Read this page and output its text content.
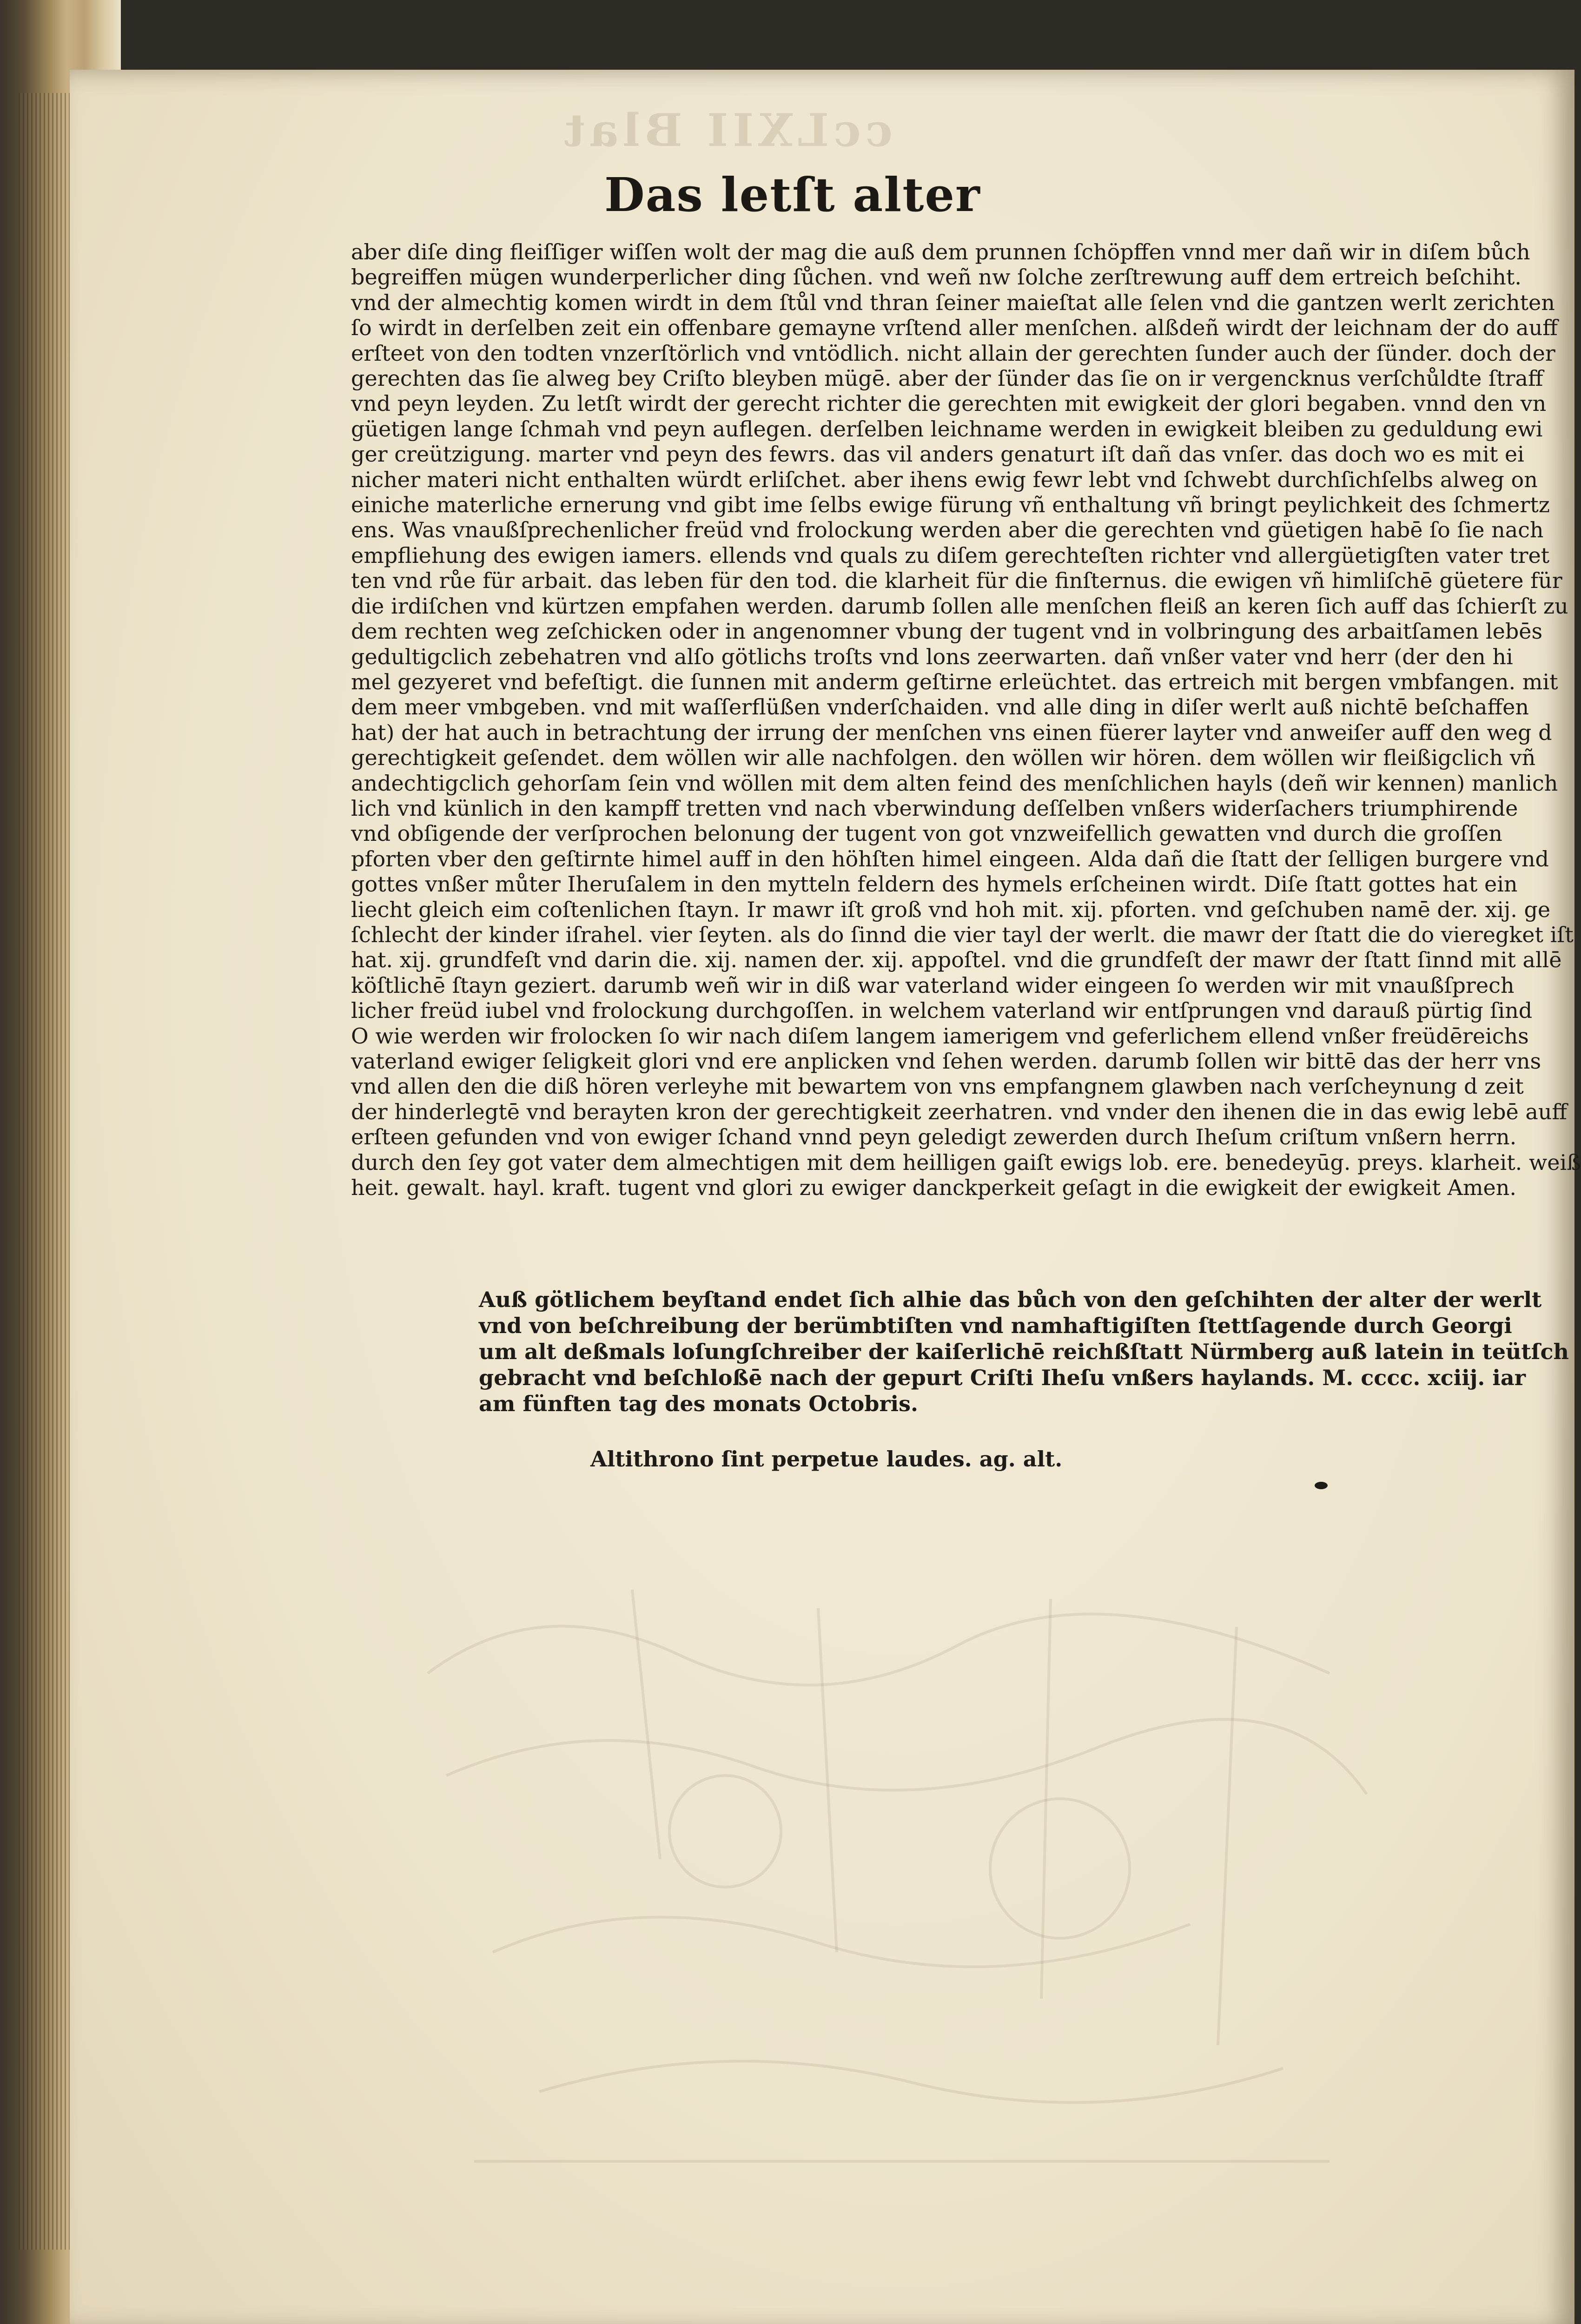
ccLXII Blat
Das letſt alter
aber diſe ding fleiſſiger wiſſen wolt der mag die auß dem prunnen ſchöpffen vnnd mer dañ wir in diſem bůch
begreiffen mügen wunderperlicher ding ſůchen. vnd weñ nw ſolche zerſtrewung auff dem ertreich beſchiht.
vnd der almechtig komen wirdt in dem ſtůl vnd thran ſeiner maieſtat alle ſelen vnd die gantzen werlt zerichten
ſo wirdt in derſelben zeit ein offenbare gemayne vrſtend aller menſchen. alßdeñ wirdt der leichnam der do auff
erſteet von den todten vnzerſtörlich vnd vntödlich. nicht allain der gerechten ſunder auch der ſünder. doch der
gerechten das ſie alweg bey Criſto bleyben mügē. aber der ſünder das ſie on ir vergencknus verſchůldte ſtraff
vnd peyn leyden. Zu letſt wirdt der gerecht richter die gerechten mit ewigkeit der glori begaben. vnnd den vn
güetigen lange ſchmah vnd peyn auflegen. derſelben leichname werden in ewigkeit bleiben zu geduldung ewi
ger creützigung. marter vnd peyn des fewrs. das vil anders genaturt iſt dañ das vnſer. das doch wo es mit ei
nicher materi nicht enthalten würdt erliſchet. aber ihens ewig fewr lebt vnd ſchwebt durchſichſelbs alweg on
einiche materliche ernerung vnd gibt ime ſelbs ewige fürung vñ enthaltung vñ bringt peylichkeit des ſchmertz
ens. Was vnaußſprechenlicher freüd vnd frolockung werden aber die gerechten vnd güetigen habē ſo ſie nach
empfliehung des ewigen iamers. ellends vnd quals zu diſem gerechteſten richter vnd allergüetigſten vater tret
ten vnd růe für arbait. das leben für den tod. die klarheit für die finſternus. die ewigen vñ himliſchē güetere für
die irdiſchen vnd kürtzen empfahen werden. darumb ſollen alle menſchen fleiß an keren ſich auff das ſchierſt zu
dem rechten weg zeſchicken oder in angenomner vbung der tugent vnd in volbringung des arbaitſamen lebēs
gedultigclich zebehatren vnd alſo götlichs troſts vnd lons zeerwarten. dañ vnßer vater vnd herr (der den hi
mel gezyeret vnd befeſtigt. die ſunnen mit anderm geſtirne erleüchtet. das ertreich mit bergen vmbfangen. mit
dem meer vmbgeben. vnd mit waſſerflüßen vnderſchaiden. vnd alle ding in diſer werlt auß nichtē beſchaffen
hat) der hat auch in betrachtung der irrung der menſchen vns einen füerer layter vnd anweiſer auff den weg d
gerechtigkeit geſendet. dem wöllen wir alle nachfolgen. den wöllen wir hören. dem wöllen wir fleißigclich vñ
andechtigclich gehorſam ſein vnd wöllen mit dem alten feind des menſchlichen hayls (deñ wir kennen) manlich
lich vnd künlich in den kampff tretten vnd nach vberwindung deſſelben vnßers widerſachers triumphirende
vnd obſigende der verſprochen belonung der tugent von got vnzweifellich gewatten vnd durch die groſſen
pforten vber den geſtirnte himel auff in den höhſten himel eingeen. Alda dañ die ſtatt der ſelligen burgere vnd
gottes vnßer můter Iheruſalem in den mytteln feldern des hymels erſcheinen wirdt. Diſe ſtatt gottes hat ein
liecht gleich eim coſtenlichen ſtayn. Ir mawr iſt groß vnd hoh mit. xij. pforten. vnd geſchuben namē der. xij. ge
ſchlecht der kinder iſrahel. vier ſeyten. als do ſinnd die vier tayl der werlt. die mawr der ſtatt die do vieregket iſt
hat. xij. grundfeſt vnd darin die. xij. namen der. xij. appoſtel. vnd die grundfeſt der mawr der ſtatt ſinnd mit allē
köſtlichē ſtayn geziert. darumb weñ wir in diß war vaterland wider eingeen ſo werden wir mit vnaußſprech
licher freüd iubel vnd frolockung durchgoſſen. in welchem vaterland wir entſprungen vnd darauß pürtig ſind
O wie werden wir frolocken ſo wir nach diſem langem iamerigem vnd geferlichem ellend vnßer freüdēreichs
vaterland ewiger ſeligkeit glori vnd ere anplicken vnd ſehen werden. darumb ſollen wir bittē das der herr vns
vnd allen den die diß hören verleyhe mit bewartem von vns empfangnem glawben nach verſcheynung d zeit
der hinderlegtē vnd berayten kron der gerechtigkeit zeerhatren. vnd vnder den ihenen die in das ewig lebē auff
erſteen gefunden vnd von ewiger ſchand vnnd peyn geledigt zewerden durch Iheſum criſtum vnßern herrn.
durch den ſey got vater dem almechtigen mit dem heilligen gaiſt ewigs lob. ere. benedeyūg. preys. klarheit. weiß
heit. gewalt. hayl. kraft. tugent vnd glori zu ewiger danckperkeit geſagt in die ewigkeit der ewigkeit Amen.
Auß götlichem beyſtand endet ſich alhie das bůch von den geſchihten der alter der werlt
vnd von beſchreibung der berümbtiſten vnd namhaftigiſten ſtettſagende durch Georgi
um alt deßmals loſungſchreiber der kaiſerlichē reichßſtatt Nürmberg auß latein in teütſch
gebracht vnd beſchloßē nach der gepurt Criſti Iheſu vnßers haylands. M. cccc. xciij. iar
am fünften tag des monats Octobris.
Altithrono ſint perpetue laudes. ag. alt.
